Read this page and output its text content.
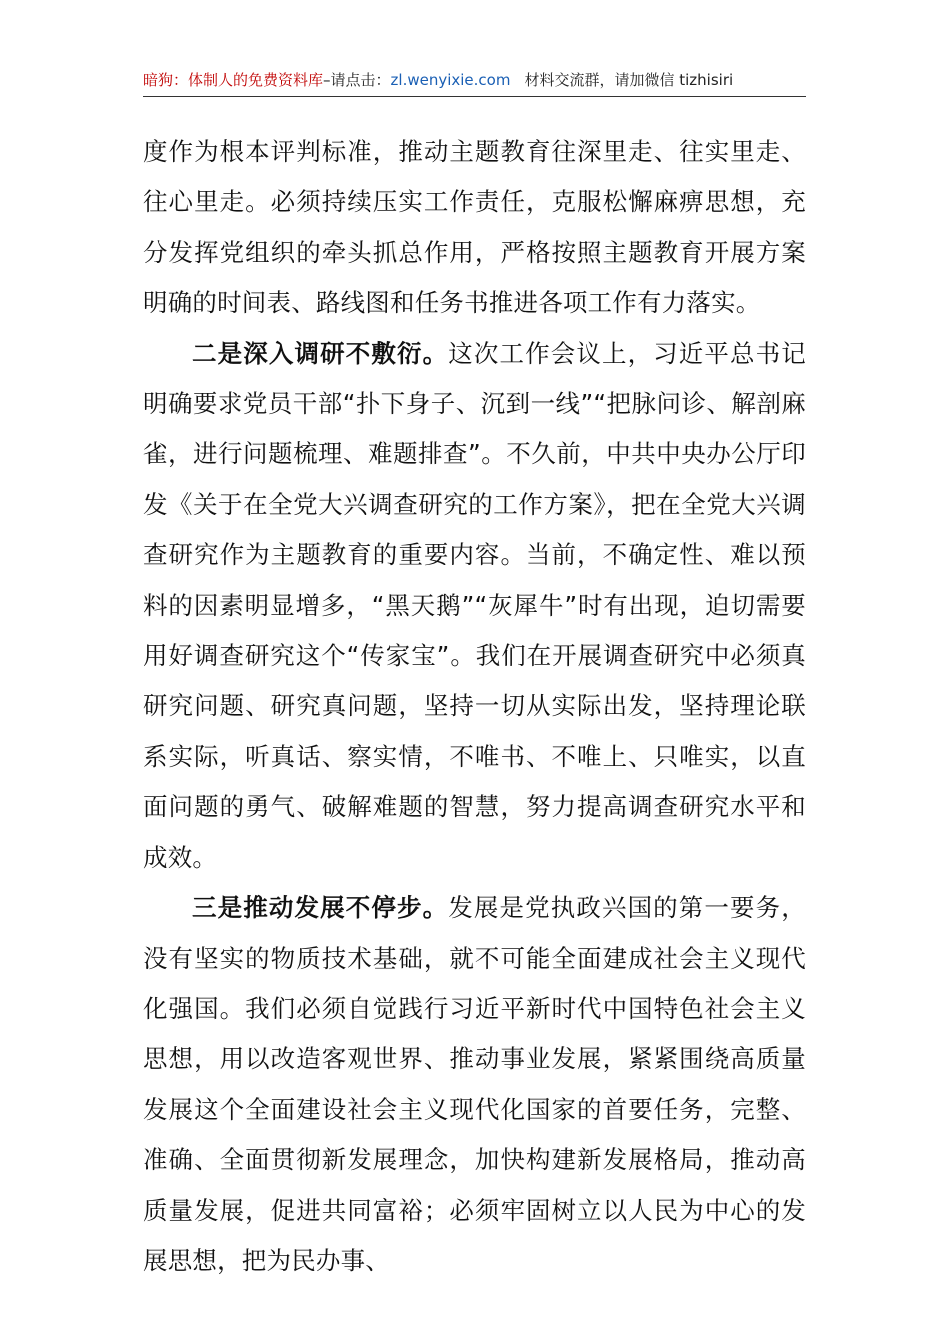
暗狗：体制人的免费资料库–请点击：zl.wenyixie.com 材料交流群，请加微信 tizhisiri

度作为根本评判标准，推动主题教育往深里走、往实里走、往心里走。必须持续压实工作责任，克服松懈麻痹思想，充分发挥党组织的牵头抓总作用，严格按照主题教育开展方案明确的时间表、路线图和任务书推进各项工作有力落实。

二是深入调研不敷衍。这次工作会议上，习近平总书记明确要求党员干部“扑下身子、沉到一线”“把脉问诊、解剖麻雀，进行问题梳理、难题排查”。不久前，中共中央办公厅印发《关于在全党大兴调查研究的工作方案》，把在全党大兴调查研究作为主题教育的重要内容。当前，不确定性、难以预料的因素明显增多，“黑天鹅”“灰犀牛”时有出现，迫切需要用好调查研究这个“传家宝”。我们在开展调查研究中必须真研究问题、研究真问题，坚持一切从实际出发，坚持理论联系实际，听真话、察实情，不唯书、不唯上、只唯实，以直面问题的勇气、破解难题的智慧，努力提高调查研究水平和成效。

三是推动发展不停步。发展是党执政兴国的第一要务，没有坚实的物质技术基础，就不可能全面建成社会主义现代化强国。我们必须自觉践行习近平新时代中国特色社会主义思想，用以改造客观世界、推动事业发展，紧紧围绕高质量发展这个全面建设社会主义现代化国家的首要任务，完整、准确、全面贯彻新发展理念，加快构建新发展格局，推动高质量发展，促进共同富裕；必须牢固树立以人民为中心的发展思想，把为民办事、
